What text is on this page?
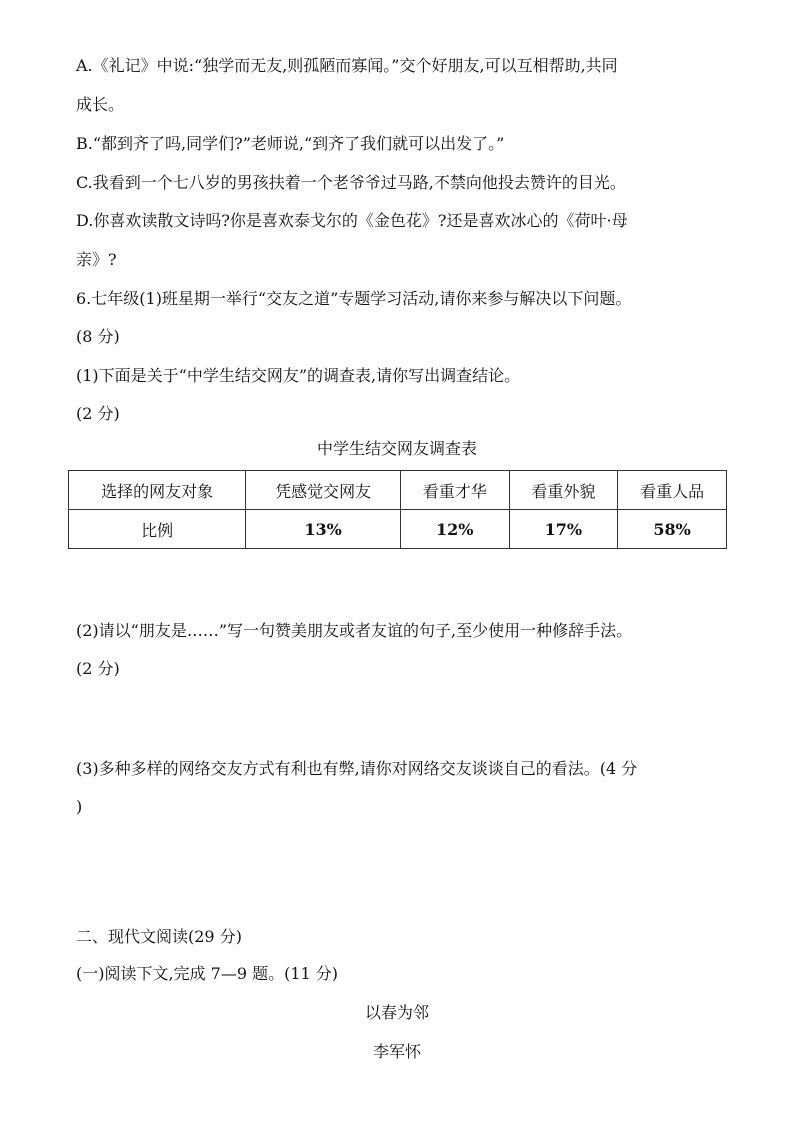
A.《礼记》中说:“独学而无友,则孤陋而寡闻。”交个好朋友,可以互相帮助,共同
成长。
B.“都到齐了吗,同学们?”老师说,“到齐了我们就可以出发了。”
C.我看到一个七八岁的男孩扶着一个老爷爷过马路,不禁向他投去赞许的目光。
D.你喜欢读散文诗吗?你是喜欢泰戈尔的《金色花》?还是喜欢冰心的《荷叶·母
亲》?
6.七年级(1)班星期一举行“交友之道”专题学习活动,请你来参与解决以下问题。
(8 分)
(1)下面是关于“中学生结交网友”的调查表,请你写出调查结论。
(2 分)
中学生结交网友调查表
选择的网友对象	凭感觉交网友	看重才华	看重外貌	看重人品
比例	13%	12%	17%	58%
(2)请以“朋友是……”写一句赞美朋友或者友谊的句子,至少使用一种修辞手法。
(2 分)
(3)多种多样的网络交友方式有利也有弊,请你对网络交友谈谈自己的看法。(4 分
)
二、现代文阅读(29 分)
(一)阅读下文,完成 7—9 题。(11 分)
以春为邻
李军怀
